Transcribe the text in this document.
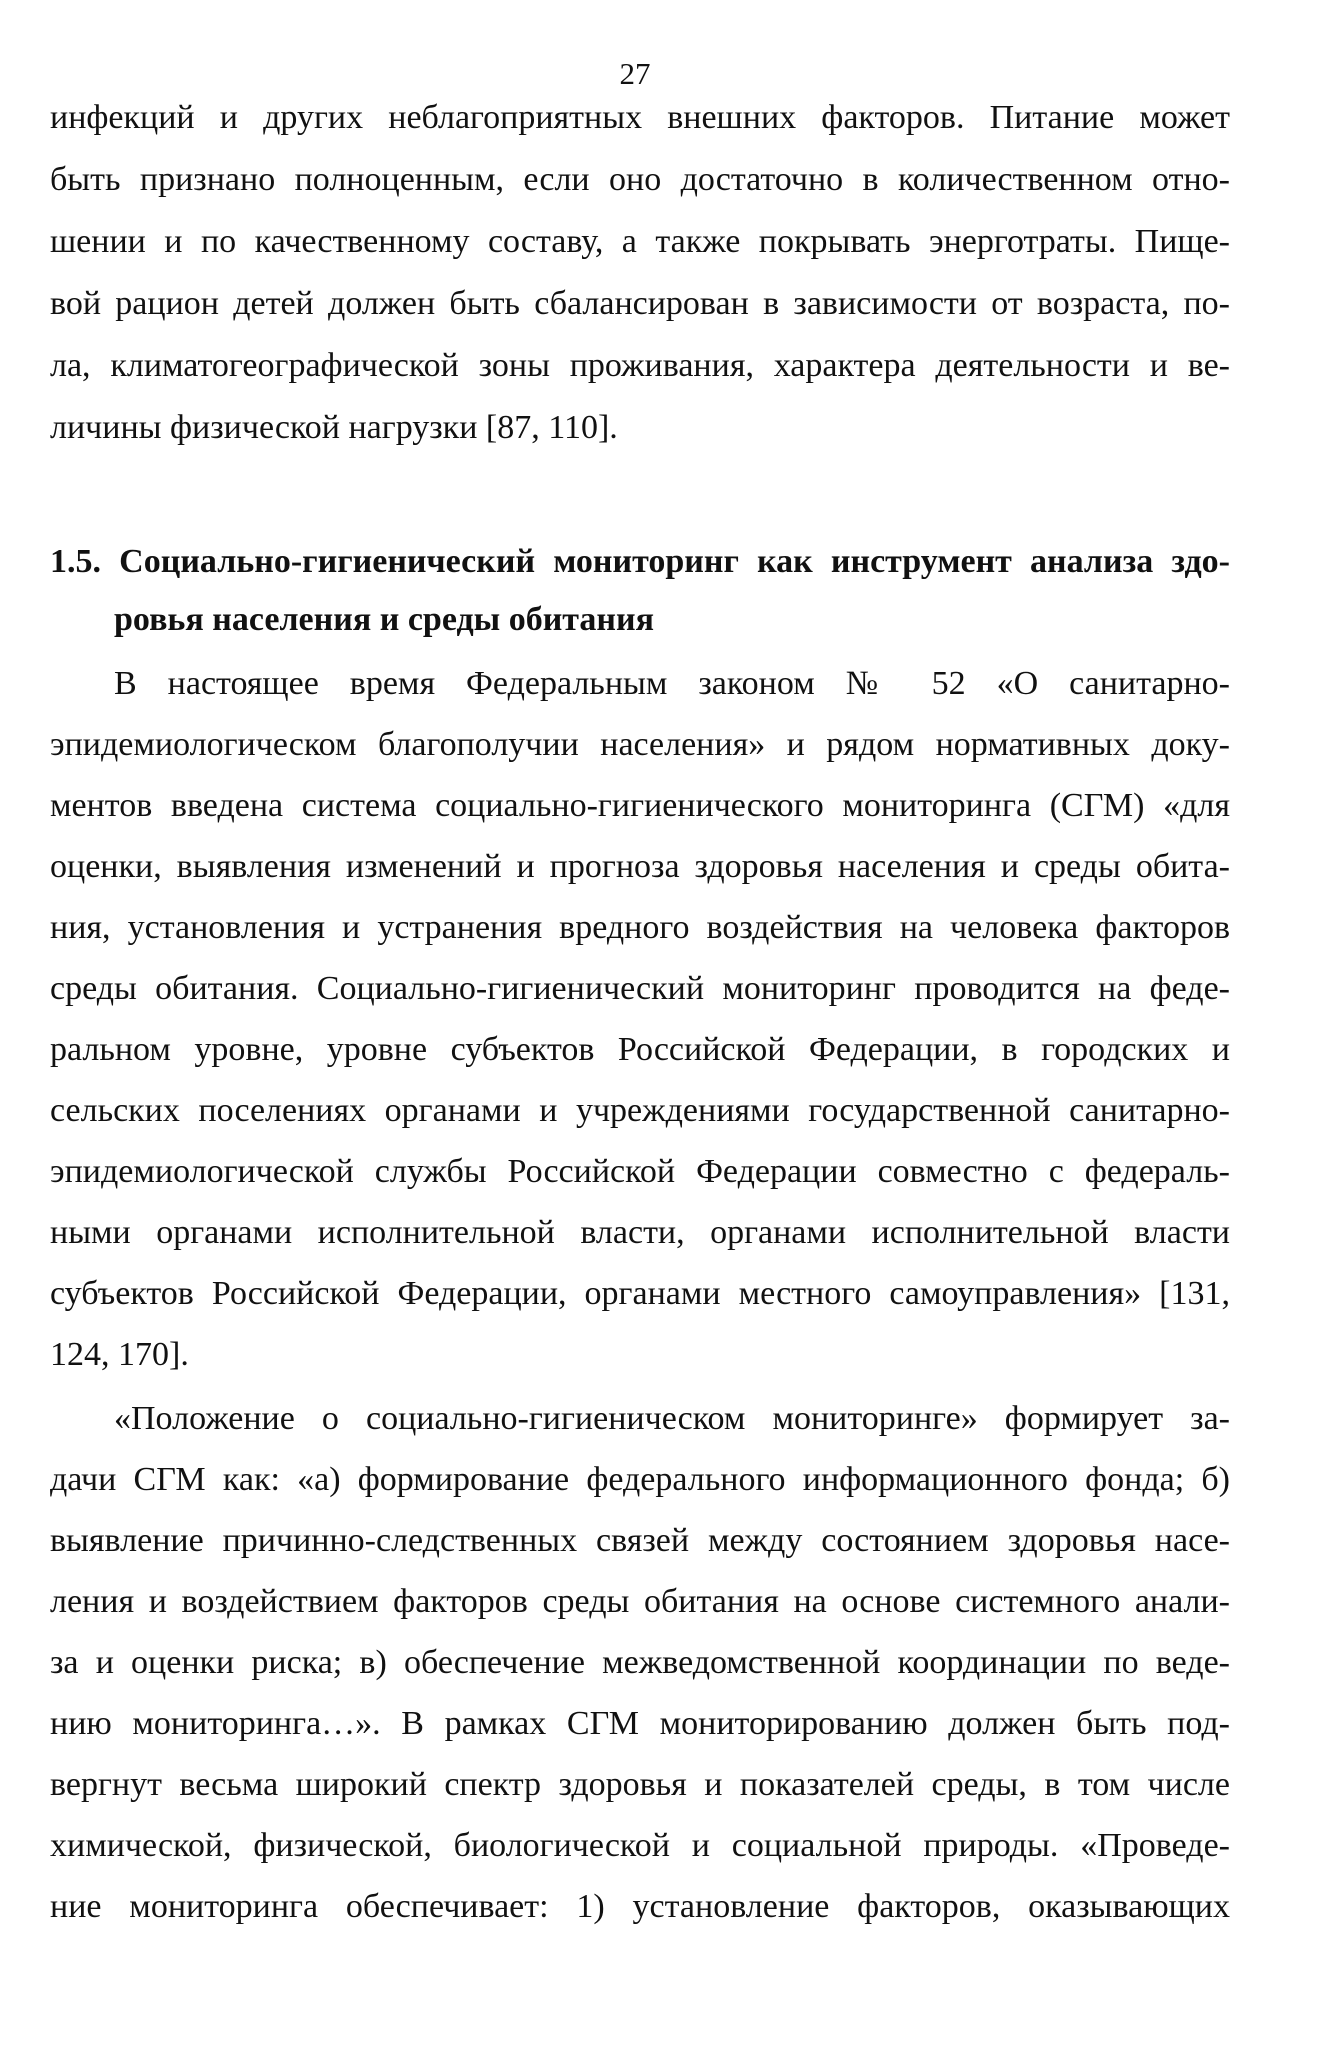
27
инфекций и других неблагоприятных внешних факторов. Питание может
быть признано полноценным, если оно достаточно в количественном отно-
шении и по качественному составу, а также покрывать энерготраты. Пище-
вой рацион детей должен быть сбалансирован в зависимости от возраста, по-
ла, климатогеографической зоны проживания, характера деятельности и ве-
личины физической нагрузки [87, 110].
1.5. Социально-гигиенический мониторинг как инструмент анализа здо-
ровья населения и среды обитания
В настоящее время Федеральным законом № 52 «О санитарно-
эпидемиологическом благополучии населения» и рядом нормативных доку-
ментов введена система социально-гигиенического мониторинга (СГМ) «для
оценки, выявления изменений и прогноза здоровья населения и среды обита-
ния, установления и устранения вредного воздействия на человека факторов
среды обитания. Социально-гигиенический мониторинг проводится на феде-
ральном уровне, уровне субъектов Российской Федерации, в городских и
сельских поселениях органами и учреждениями государственной санитарно-
эпидемиологической службы Российской Федерации совместно с федераль-
ными органами исполнительной власти, органами исполнительной власти
субъектов Российской Федерации, органами местного самоуправления» [131,
124, 170].
«Положение о социально-гигиеническом мониторинге» формирует за-
дачи СГМ как: «а) формирование федерального информационного фонда; б)
выявление причинно-следственных связей между состоянием здоровья насе-
ления и воздействием факторов среды обитания на основе системного анали-
за и оценки риска; в) обеспечение межведомственной координации по веде-
нию мониторинга…». В рамках СГМ мониторированию должен быть под-
вергнут весьма широкий спектр здоровья и показателей среды, в том числе
химической, физической, биологической и социальной природы. «Проведе-
ние мониторинга обеспечивает: 1) установление факторов, оказывающих
